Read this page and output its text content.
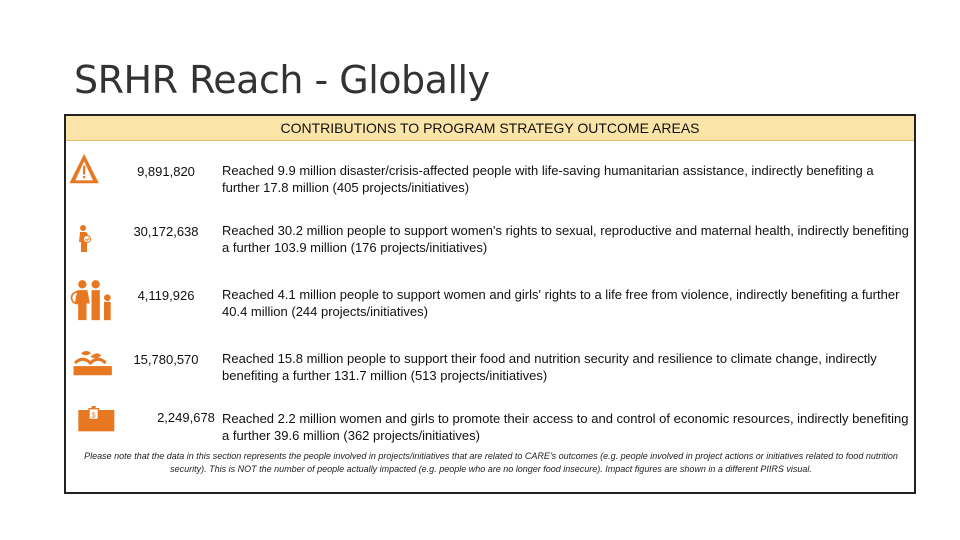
SRHR Reach - Globally
CONTRIBUTIONS TO PROGRAM STRATEGY OUTCOME AREAS
9,891,820	Reached 9.9 million disaster/crisis-affected people with life-saving humanitarian assistance, indirectly benefiting a further 17.8 million (405 projects/initiatives)
30,172,638	Reached 30.2 million people to support women's rights to sexual, reproductive and maternal health, indirectly benefiting a further 103.9 million (176 projects/initiatives)
4,119,926	Reached 4.1 million people to support women and girls' rights to a life free from violence, indirectly benefiting a further 40.4 million (244 projects/initiatives)
15,780,570	Reached 15.8 million people to support their food and nutrition security and resilience to climate change, indirectly benefiting a further 131.7 million (513 projects/initiatives)
$	2,249,678 Reached 2.2 million women and girls to promote their access to and control of economic resources, indirectly benefiting a further 39.6 million (362 projects/initiatives)
Please note that the data in this section represents the people involved in projects/initiatives that are related to CARE's outcomes (e.g. people involved in project actions or initiatives related to food nutrition security). This is NOT the number of people actually impacted (e.g. people who are no longer food insecure). Impact figures are shown in a different PIIRS visual.
